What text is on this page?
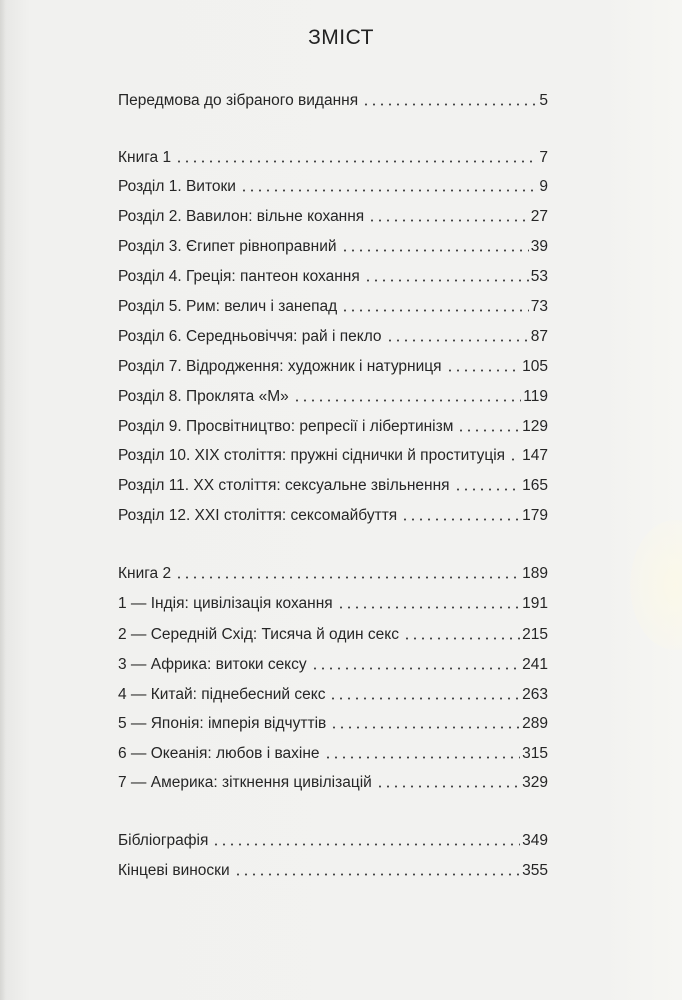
ЗМІСТ
Передмова до зібраного видання	5
Книга 1	7
Розділ 1. Витоки	9
Розділ 2. Вавилон: вільне кохання	27
Розділ 3. Єгипет рівноправний	39
Розділ 4. Греція: пантеон кохання	53
Розділ 5. Рим: велич і занепад	73
Розділ 6. Середньовіччя: рай і пекло	87
Розділ 7. Відродження: художник і натурниця	105
Розділ 8. Проклята «М»	119
Розділ 9. Просвітництво: репресії і лібертинізм	129
Розділ 10. XIX століття: пружні сіднички й проституція 147
Розділ 11. XX століття: сексуальне звільнення	165
Розділ 12. XXI століття: сексомайбуття	179
Книга 2	189
1 — Індія: цивілізація кохання	191
2 — Середній Схід: Тисяча й один секс	215
3 — Африка: витоки сексу	241
4 — Китай: піднебесний секс	263
5 — Японія: імперія відчуттів	289
6 — Океанія: любов і вахіне	315
7 — Америка: зіткнення цивілізацій	329
Бібліографія	349
Кінцеві виноски	355
